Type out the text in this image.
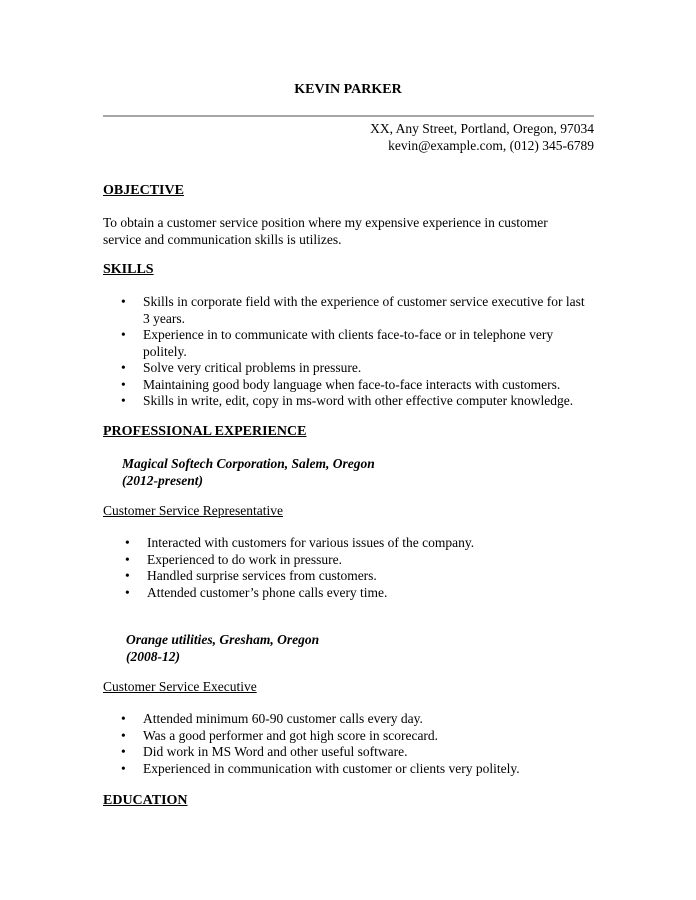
KEVIN PARKER
XX, Any Street, Portland, Oregon, 97034
kevin@example.com, (012) 345-6789
OBJECTIVE
To obtain a customer service position where my expensive experience in customer
service and communication skills is utilizes.
SKILLS
• Skills in corporate field with the experience of customer service executive for last
3 years.
• Experience in to communicate with clients face-to-face or in telephone very
politely.
• Solve very critical problems in pressure.
• Maintaining good body language when face-to-face interacts with customers.
• Skills in write, edit, copy in ms-word with other effective computer knowledge.
PROFESSIONAL EXPERIENCE
Magical Softech Corporation, Salem, Oregon
(2012-present)
Customer Service Representative
• Interacted with customers for various issues of the company.
• Experienced to do work in pressure.
• Handled surprise services from customers.
• Attended customer’s phone calls every time.
Orange utilities, Gresham, Oregon
(2008-12)
Customer Service Executive
• Attended minimum 60-90 customer calls every day.
• Was a good performer and got high score in scorecard.
• Did work in MS Word and other useful software.
• Experienced in communication with customer or clients very politely.
EDUCATION
